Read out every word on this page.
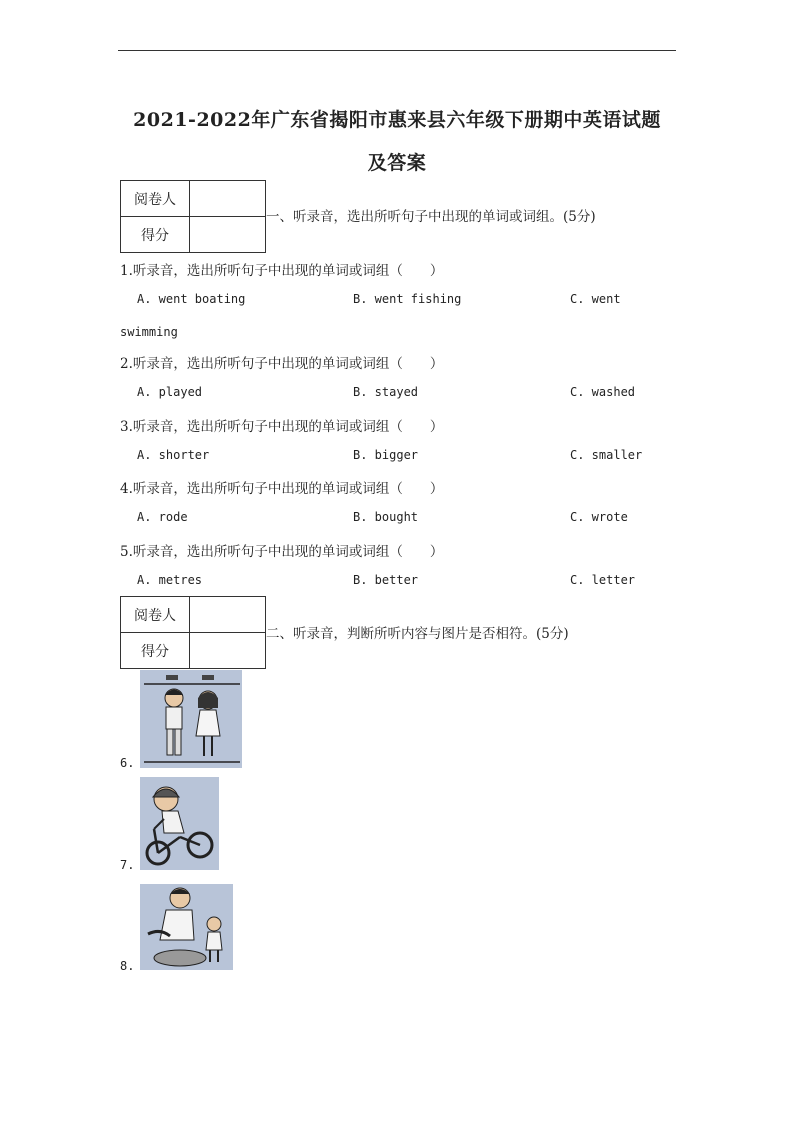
2021-2022年广东省揭阳市惠来县六年级下册期中英语试题
及答案
阅卷人	
得分	
一、听录音，选出所听句子中出现的单词或词组。(5分)
1.听录音，选出所听句子中出现的单词或词组（　　）
A. went boating	B. went fishing	C. went
swimming
2.听录音，选出所听句子中出现的单词或词组（　　）
A. played	B. stayed	C. washed
3.听录音，选出所听句子中出现的单词或词组（　　）
A. shorter	B. bigger	C. smaller
4.听录音，选出所听句子中出现的单词或词组（　　）
A. rode	B. bought	C. wrote
5.听录音，选出所听句子中出现的单词或词组（　　）
A. metres	B. better	C. letter
阅卷人	
得分	
二、听录音，判断所听内容与图片是否相符。(5分)
6.
7.
8.
